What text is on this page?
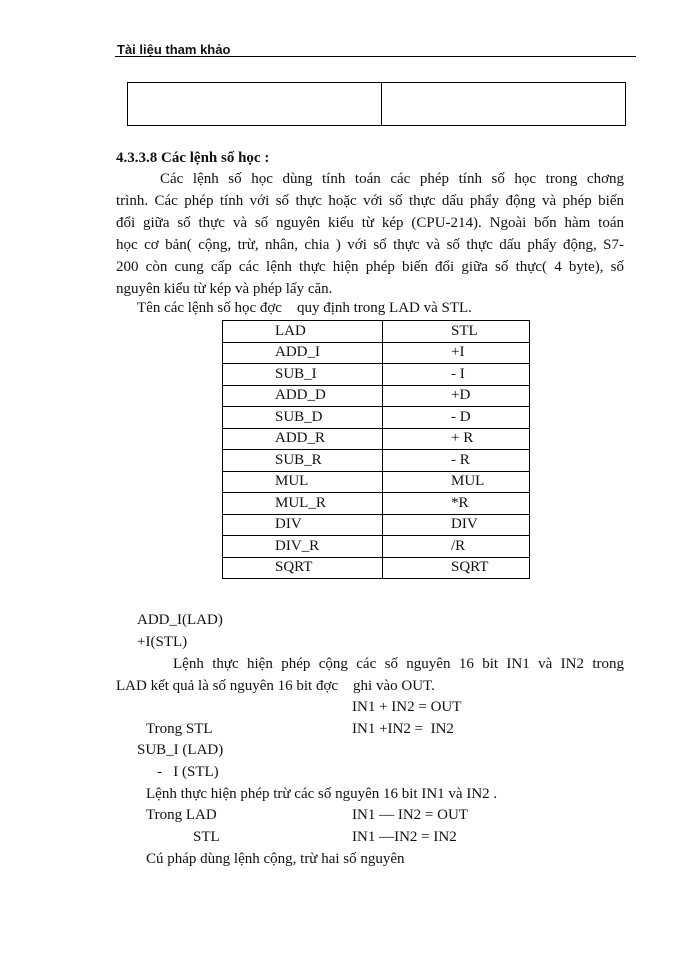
Tài liệu tham khảo
4.3.3.8 Các lệnh số học :
Các lệnh số học dùng tính toán các phép tính số học trong chơng
trình. Các phép tính với số thực hoặc với số thực dấu phẩy động và phép biến
đổi giữa số thực và số nguyên kiểu từ kép (CPU-214). Ngoài bốn hàm toán
học cơ bản( cộng, trừ, nhân, chia ) với số thực và số thực dấu phẩy động, S7-
200 còn cung cấp các lệnh thực hiện phép biến đổi giữa số thực( 4 byte), số
nguyên kiểu từ kép và phép lấy căn.
Tên các lệnh số học đợc    quy định trong LAD và STL.
LAD	STL
ADD_I	+I
SUB_I	- I
ADD_D	+D
SUB_D	- D
ADD_R	+ R
SUB_R	- R
MUL	MUL
MUL_R	*R
DIV	DIV
DIV_R	/R
SQRT	SQRT
ADD_I(LAD)
+I(STL)
Lệnh thực hiện phép cộng các số nguyên 16 bit IN1 và IN2 trong
LAD kết quả là số nguyên 16 bit đợc    ghi vào OUT.
IN1 + IN2 = OUT
Trong STL	IN1 +IN2 =  IN2
SUB_I (LAD)
-   I (STL)
Lệnh thực hiện phép trừ các số nguyên 16 bit IN1 và IN2 .
Trong LAD	IN1 — IN2 = OUT
STL	IN1 —IN2 = IN2
Cú pháp dùng lệnh cộng, trừ hai số nguyên
